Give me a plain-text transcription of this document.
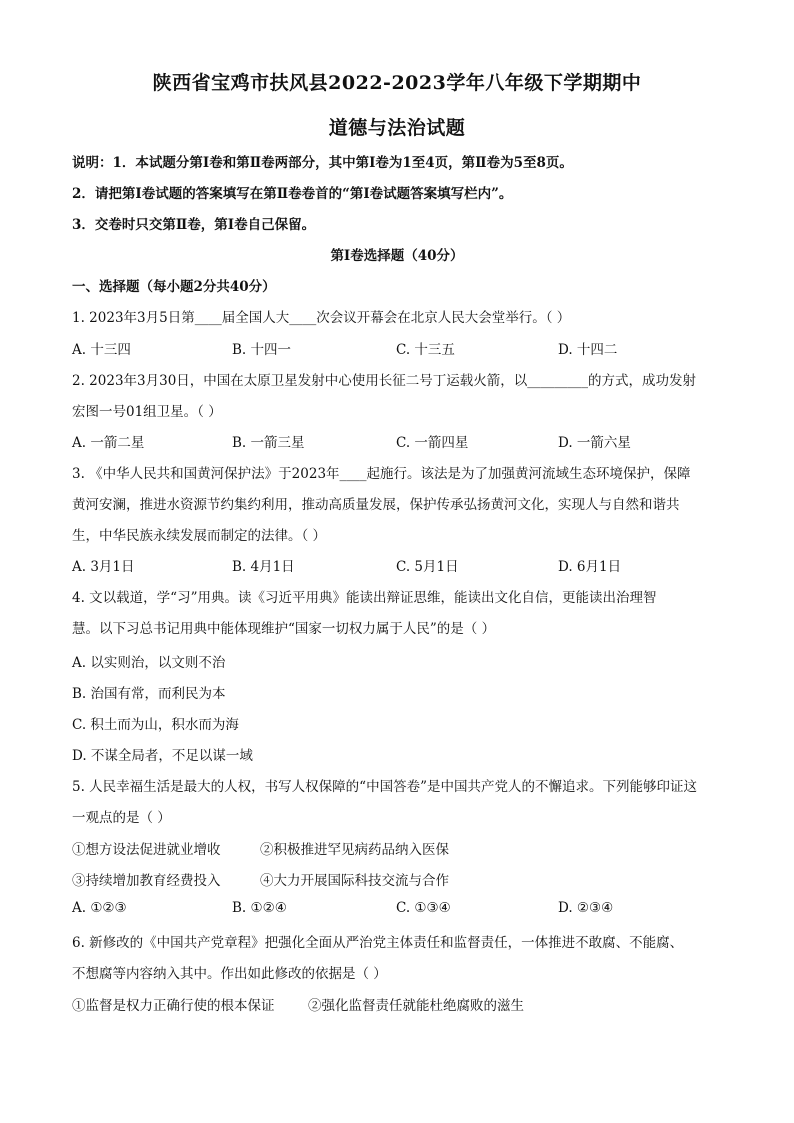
陕西省宝鸡市扶风县2022-2023学年八年级下学期期中
道德与法治试题
说明：1．本试题分第Ⅰ卷和第Ⅱ卷两部分，其中第Ⅰ卷为1至4页，第Ⅱ卷为5至8页。
2．请把第Ⅰ卷试题的答案填写在第Ⅱ卷卷首的“第Ⅰ卷试题答案填写栏内”。
3．交卷时只交第Ⅱ卷，第Ⅰ卷自己保留。
第Ⅰ卷选择题（40分）
一、选择题（每小题2分共40分）
1. 2023年3月5日第____届全国人大____次会议开幕会在北京人民大会堂举行。（ ）
A. 十三四	B. 十四一	C. 十三五	D. 十四二
2. 2023年3月30日，中国在太原卫星发射中心使用长征二号丁运载火箭，以_________的方式，成功发射
宏图一号01组卫星。（ ）
A. 一箭二星	B. 一箭三星	C. 一箭四星	D. 一箭六星
3. 《中华人民共和国黄河保护法》于2023年____起施行。该法是为了加强黄河流域生态环境保护，保障
黄河安澜，推进水资源节约集约利用，推动高质量发展，保护传承弘扬黄河文化，实现人与自然和谐共
生，中华民族永续发展而制定的法律。（ ）
A. 3月1日	B. 4月1日	C. 5月1日	D. 6月1日
4. 文以载道，学“习”用典。读《习近平用典》能读出辩证思维，能读出文化自信，更能读出治理智
慧。以下习总书记用典中能体现维护“国家一切权力属于人民”的是（ ）
A. 以实则治，以文则不治
B. 治国有常，而利民为本
C. 积土而为山，积水而为海
D. 不谋全局者，不足以谋一域
5. 人民幸福生活是最大的人权，书写人权保障的“中国答卷”是中国共产党人的不懈追求。下列能够印证这
一观点的是（ ）
①想方设法促进就业增收	②积极推进罕见病药品纳入医保
③持续增加教育经费投入	④大力开展国际科技交流与合作
A. ①②③	B. ①②④	C. ①③④	D. ②③④
6. 新修改的《中国共产党章程》把强化全面从严治党主体责任和监督责任，一体推进不敢腐、不能腐、
不想腐等内容纳入其中。作出如此修改的依据是（ ）
①监督是权力正确行使的根本保证 ②强化监督责任就能杜绝腐败的滋生
